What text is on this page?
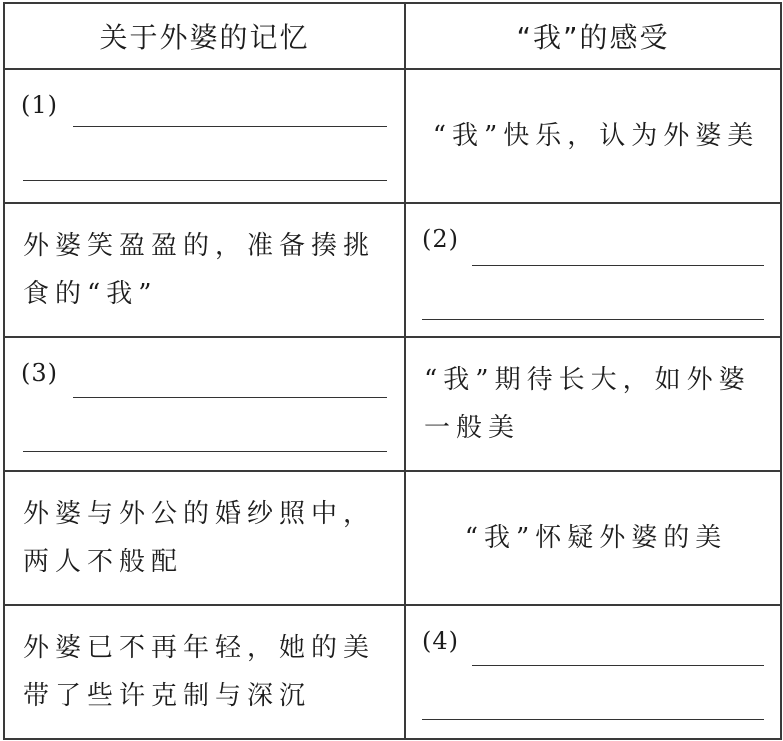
关于外婆的记忆	“我”的感受

(1)	“我”快乐，认为外婆美

外婆笑盈盈的，准备揍挑食的“我”	(2)

(3)	“我”期待长大，如外婆一般美

外婆与外公的婚纱照中，两人不般配	“我”怀疑外婆的美

外婆已不再年轻，她的美带了些许克制与深沉	(4)
